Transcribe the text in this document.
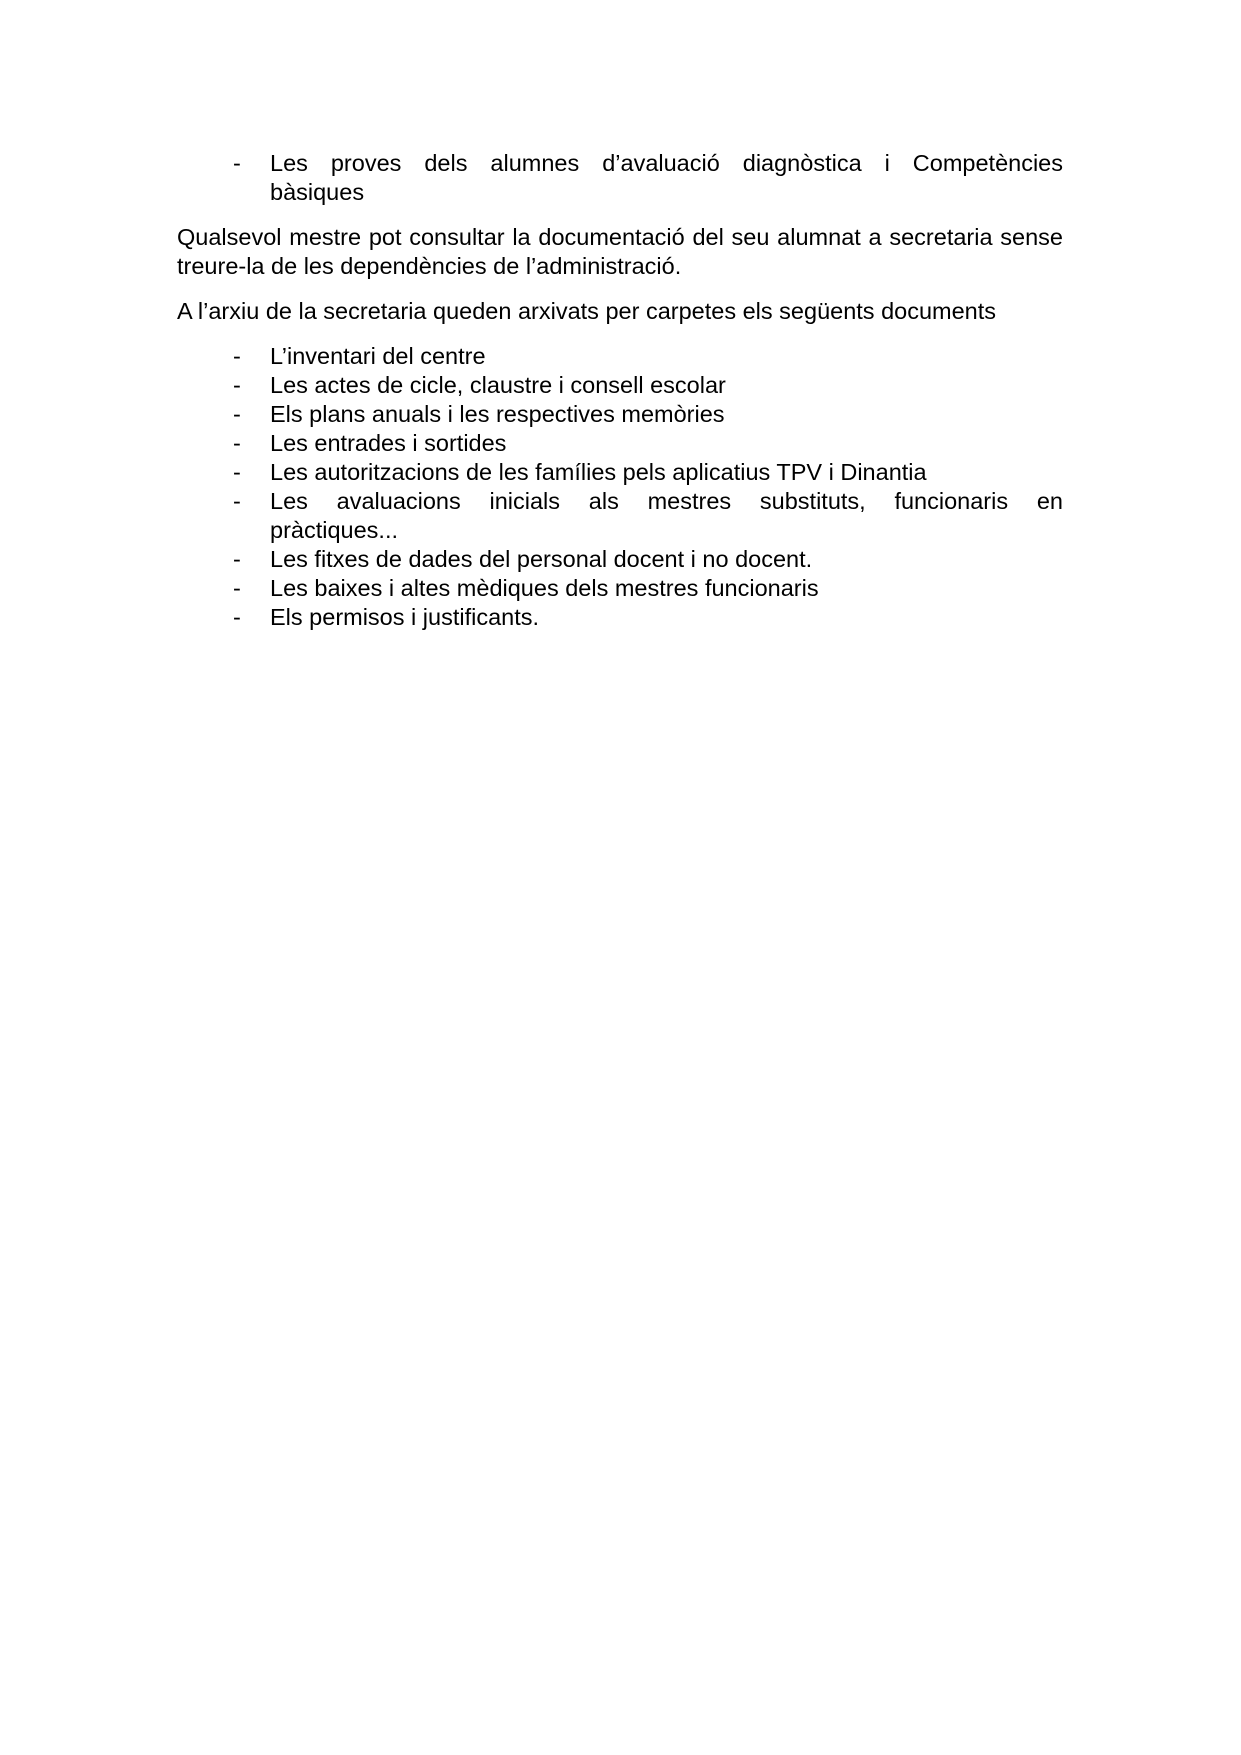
- Les proves dels alumnes d’avaluació diagnòstica i Competències bàsiques

Qualsevol mestre pot consultar la documentació del seu alumnat a secretaria sense treure-la de les dependències de l’administració.

A l’arxiu de la secretaria queden arxivats per carpetes els següents documents

- L’inventari del centre
- Les actes de cicle, claustre i consell escolar
- Els plans anuals i les respectives memòries
- Les entrades i sortides
- Les autoritzacions de les famílies pels aplicatius TPV i Dinantia
- Les avaluacions inicials als mestres substituts, funcionaris en pràctiques...
- Les fitxes de dades del personal docent i no docent.
- Les baixes i altes mèdiques dels mestres funcionaris
- Els permisos i justificants.
